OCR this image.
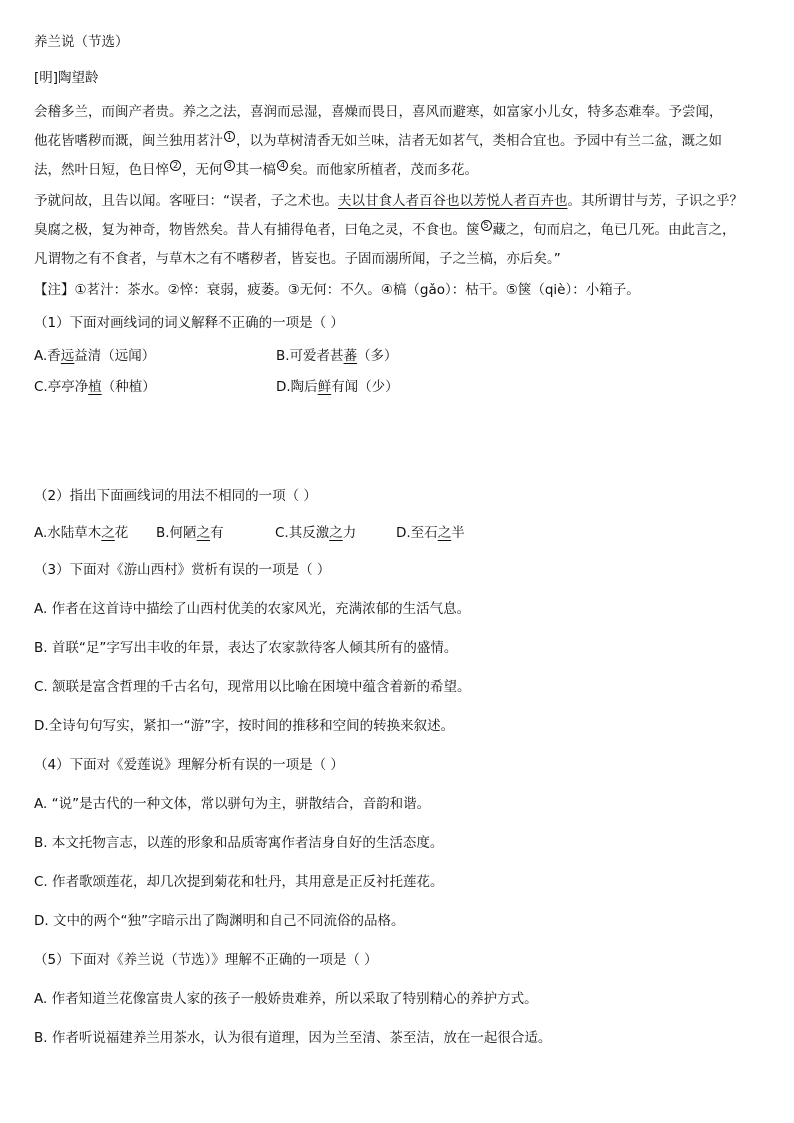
养兰说（节选）

[明]陶望龄

会稽多兰，而闽产者贵。养之之法，喜润而忌湿，喜燥而畏日，喜风而避寒，如富家小儿女，特多态难奉。予尝闻，

他花皆嗜秽而溉，闽兰独用茗汁 $^1$ ，以为草树清香无如兰味，洁者无如茗气，类相合宜也。予园中有兰二盆，溉之如

法，然叶日短，色日悴 $^2$ ，无何 $^3$ 其一槁 $^4$ 矣。而他家所植者，茂而多花。

予就问故，且告以闻。客哑曰：“误者，子之术也。夫以甘食人者百谷也以芳悦人者百卉也。其所谓甘与芳，子识之乎？

臭腐之极，复为神奇，物皆然矣。昔人有捕得龟者，曰龟之灵，不食也。箧 $^5$ 藏之，旬而启之，龟已几死。由此言之，

凡谓物之有不食者，与草木之有不嗜秽者，皆妄也。子固而溺所闻，子之兰槁，亦后矣。”

【注】①茗汁：茶水。②悴：衰弱，疲萎。③无何：不久。④槁（gǎo）：枯干。⑤箧（qiè）：小箱子。

（1）下面对画线词的词义解释不正确的一项是（ ）

A.香远益清（远闻）	B.可爱者甚蕃（多）
C.亭亭净植（种植）	D.陶后鲜有闻（少）

（2）指出下面画线词的用法不相同的一项（ ）

A.水陆草木之花	B.何陋之有	C.其反激之力	D.至石之半

（3）下面对《游山西村》赏析有误的一项是（ ）

A. 作者在这首诗中描绘了山西村优美的农家风光，充满浓郁的生活气息。

B. 首联“足”字写出丰收的年景，表达了农家款待客人倾其所有的盛情。

C. 颔联是富含哲理的千古名句，现常用以比喻在困境中蕴含着新的希望。

D.全诗句句写实，紧扣一“游”字，按时间的推移和空间的转换来叙述。

（4）下面对《爱莲说》理解分析有误的一项是（ ）

A. “说”是古代的一种文体，常以骈句为主，骈散结合，音韵和谐。

B. 本文托物言志，以莲的形象和品质寄寓作者洁身自好的生活态度。

C. 作者歌颂莲花，却几次提到菊花和牡丹，其用意是正反衬托莲花。

D. 文中的两个“独”字暗示出了陶渊明和自己不同流俗的品格。

（5）下面对《养兰说（节选）》理解不正确的一项是（ ）

A. 作者知道兰花像富贵人家的孩子一般娇贵难养，所以采取了特别精心的养护方式。

B. 作者听说福建养兰用茶水，认为很有道理，因为兰至清、茶至洁，放在一起很合适。
